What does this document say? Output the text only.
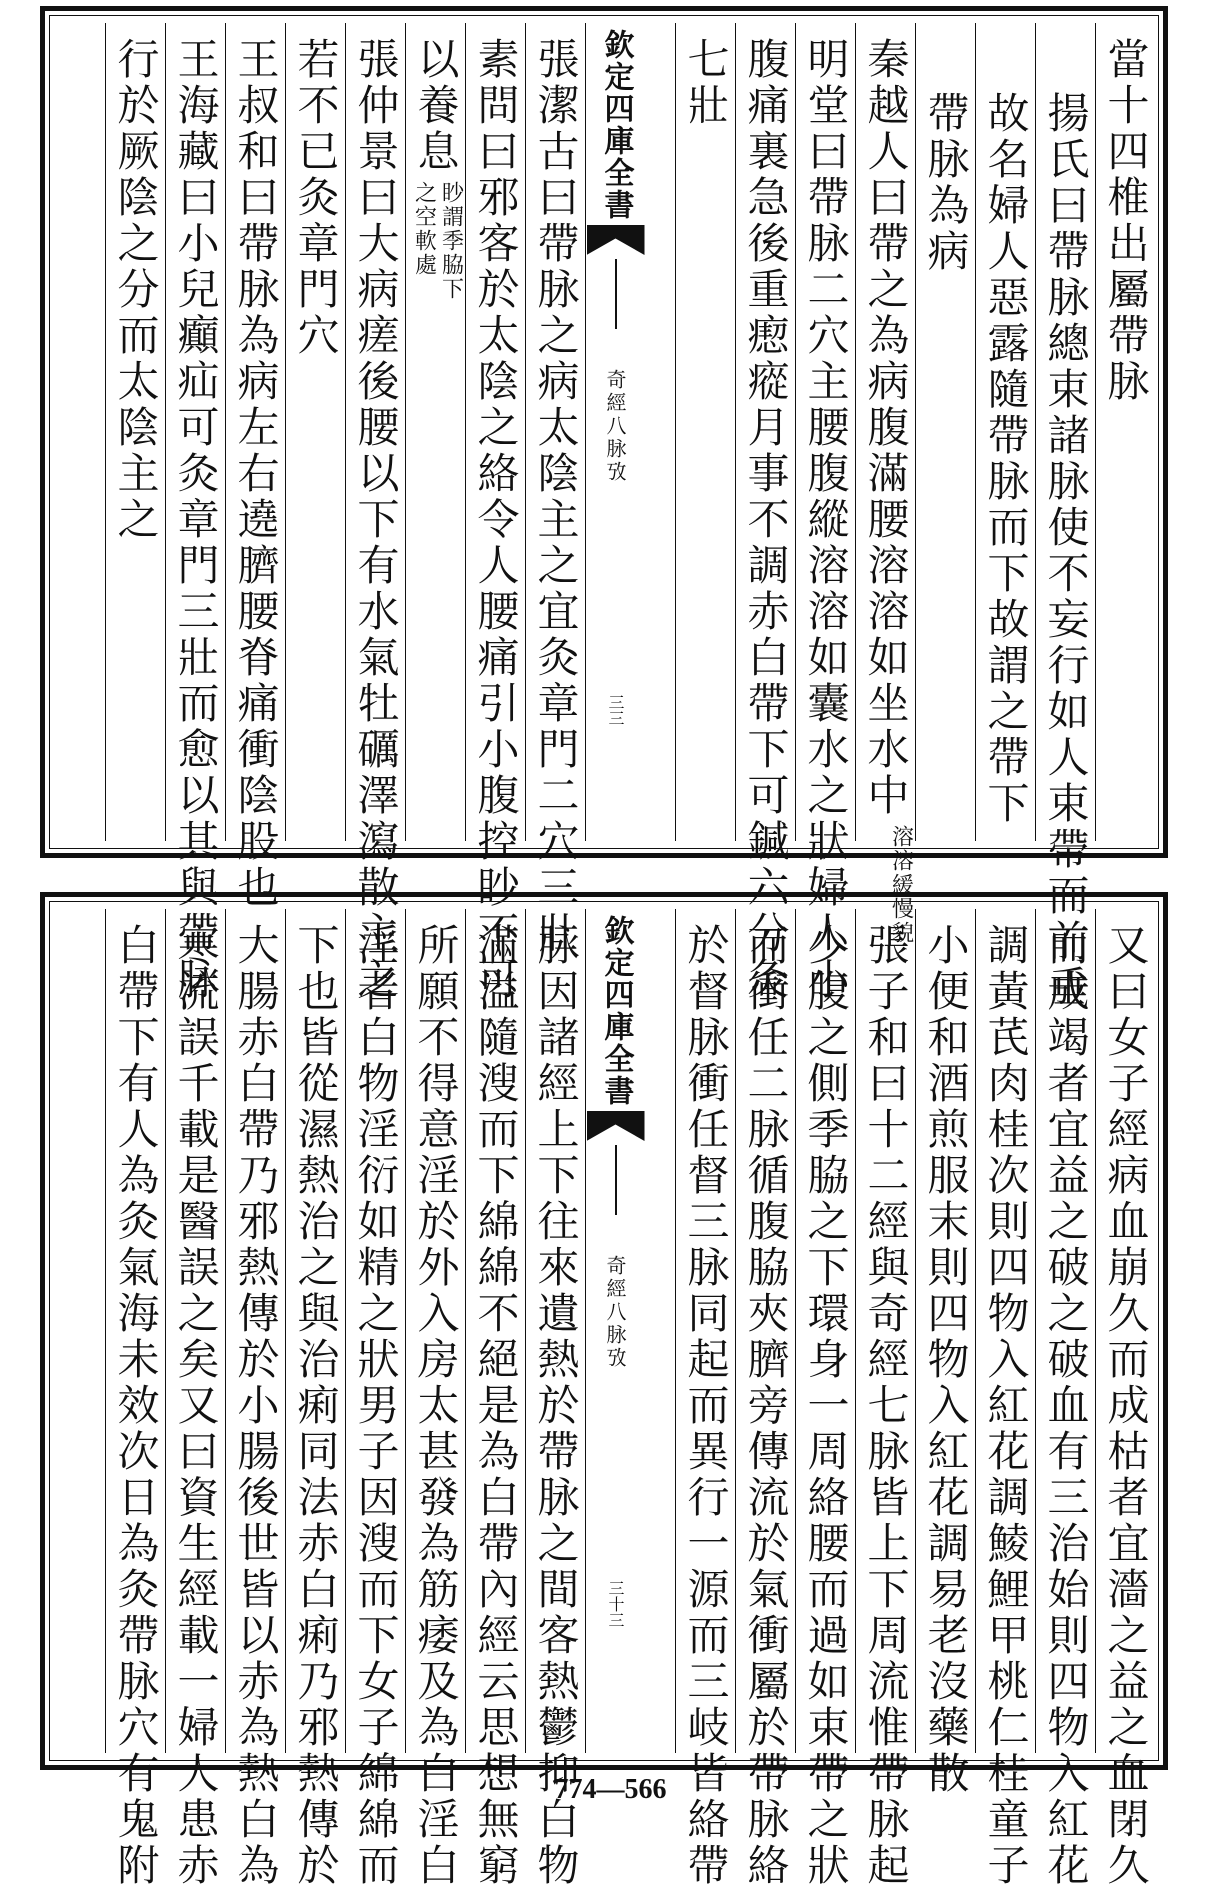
當十四椎出屬帶脉
揚氏曰帶脉總束諸脉使不妄行如人束帶而前垂
故名婦人惡露隨帶脉而下故謂之帶下
帶脉為病
秦越人曰帶之為病腹滿腰溶溶如坐水中溶溶緩慢貌
明堂曰帶脉二穴主腰腹縱溶溶如囊水之狀婦人小
腹痛裏急後重瘛瘲月事不調赤白帶下可鍼六分灸
七壯
張潔古曰帶脉之病太陰主之宜灸章門二穴三壯
素問曰邪客於太陰之絡令人腰痛引小腹控眇不可
以養息眇謂季脇下之空軟處
張仲景曰大病瘥後腰以下有水氣牡礪澤瀉散主之
若不已灸章門穴
王叔和曰帶脉為病左右遶臍腰脊痛衝陰股也
王海藏曰小兒癲疝可灸章門三壯而愈以其與帶脉
行於厥陰之分而太陰主之	欽定四庫全書
奇經八脉攷
三三
又曰女子經病血崩久而成枯者宜濇之益之血閉久
而成竭者宜益之破之破血有三治始則四物入紅花
調黃芪肉桂次則四物入紅花調鯪鯉甲桃仁桂童子
小便和酒煎服末則四物入紅花調易老沒藥散
張子和曰十二經與奇經七脉皆上下周流惟帶脉起
少腹之側季脇之下環身一周絡腰而過如束帶之狀
而衝任二脉循腹脇夾臍旁傳流於氣衝屬於帶脉絡
於督脉衝任督三脉同起而異行一源而三岐皆絡帶
脉因諸經上下往來遺熱於帶脉之間客熱鬱抑白物
滿溢隨溲而下綿綿不絕是為白帶內經云思想無窮
所願不得意淫於外入房太甚發為筋痿及為白淫白
淫者白物淫衍如精之狀男子因溲而下女子綿綿而
下也皆從濕熱治之與治痢同法赤白痢乃邪熱傳於
大腸赤白帶乃邪熱傳於小腸後世皆以赤為熱白為
寒流誤千載是醫誤之矣又曰資生經載一婦人患赤
白帶下有人為灸氣海未效次日為灸帶脉穴有鬼附	欽定四庫全書
奇經八脉攷
三十三
774—566
